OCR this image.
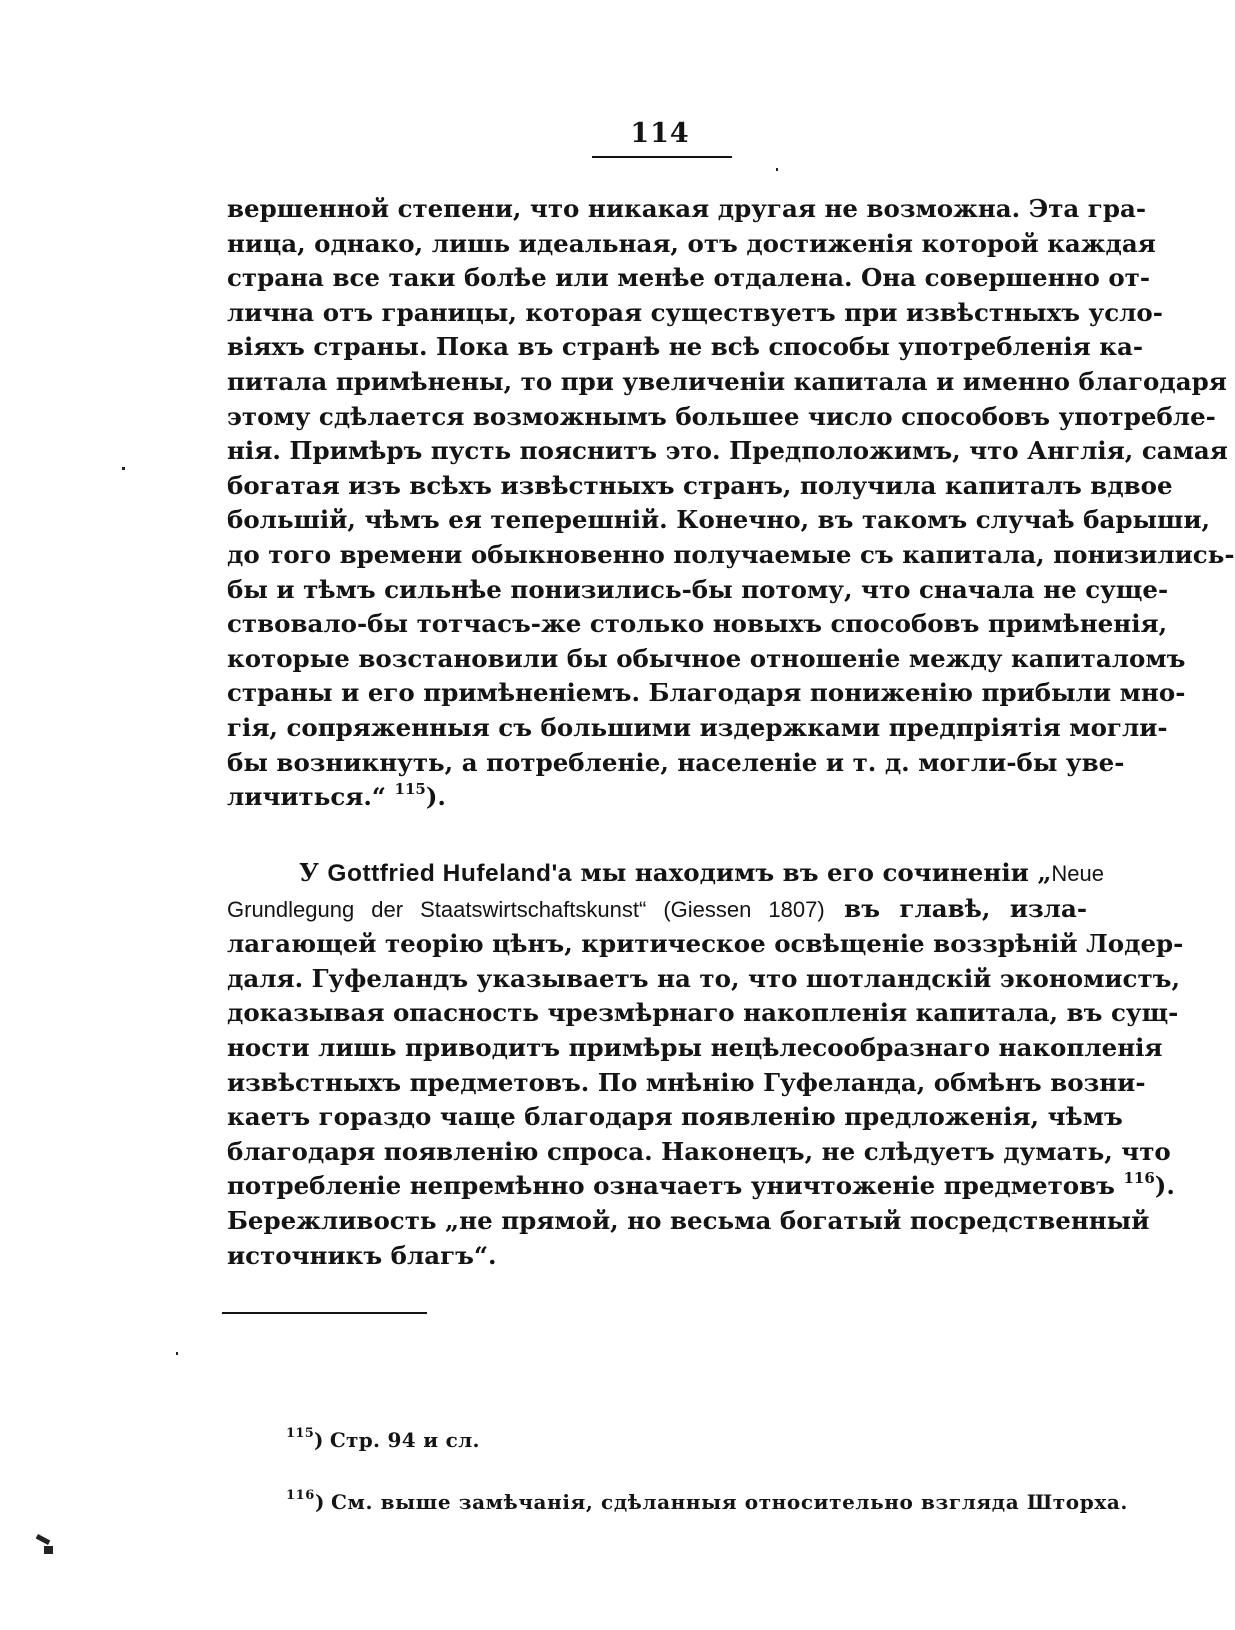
114
вершенной степени, что никакая другая не возможна. Эта гра-
ница, однако, лишь идеальная, отъ достиженія которой каждая
страна все таки болѣе или менѣе отдалена. Она совершенно от-
лична отъ границы, которая существуетъ при извѣстныхъ усло-
віяхъ страны. Пока въ странѣ не всѣ способы употребленія ка-
питала примѣнены, то при увеличеніи капитала и именно благодаря
этому сдѣлается возможнымъ большее число способовъ употребле-
нія. Примѣръ пусть пояснитъ это. Предположимъ, что Англія, самая
богатая изъ всѣхъ извѣстныхъ странъ, получила капиталъ вдвое
большій, чѣмъ ея теперешній. Конечно, въ такомъ случаѣ барыши,
до того времени обыкновенно получаемые съ капитала, понизились-
бы и тѣмъ сильнѣе понизились-бы потому, что сначала не суще-
ствовало-бы тотчасъ-же столько новыхъ способовъ примѣненія,
которые возстановили бы обычное отношеніе между капиталомъ
страны и его примѣненіемъ. Благодаря пониженію прибыли мно-
гія, сопряженныя съ большими издержками предпріятія могли-
бы возникнуть, а потребленіе, населеніе и т. д. могли-бы уве-
личиться.“ $^{115}$).
У Gottfried Hufeland'a мы находимъ въ его сочиненіи „Neue
Grundlegung der Staatswirtschaftskunst“ (Giessen 1807) въ главѣ, изла-
лагающей теорію цѣнъ, критическое освѣщеніе воззрѣній Лодер-
даля. Гуфеландъ указываетъ на то, что шотландскій экономистъ,
доказывая опасность чрезмѣрнаго накопленія капитала, въ сущ-
ности лишь приводитъ примѣры нецѣлесообразнаго накопленія
извѣстныхъ предметовъ. По мнѣнію Гуфеланда, обмѣнъ возни-
каетъ гораздо чаще благодаря появленію предложенія, чѣмъ
благодаря появленію спроса. Наконецъ, не слѣдуетъ думать, что
потребленіе непремѣнно означаетъ уничтоженіе предметовъ $^{116}$).
Бережливость „не прямой, но весьма богатый посредственный
источникъ благъ“.
$^{115}$) Стр. 94 и сл.
$^{116}$) См. выше замѣчанія, сдѣланныя относительно взгляда Шторха.
